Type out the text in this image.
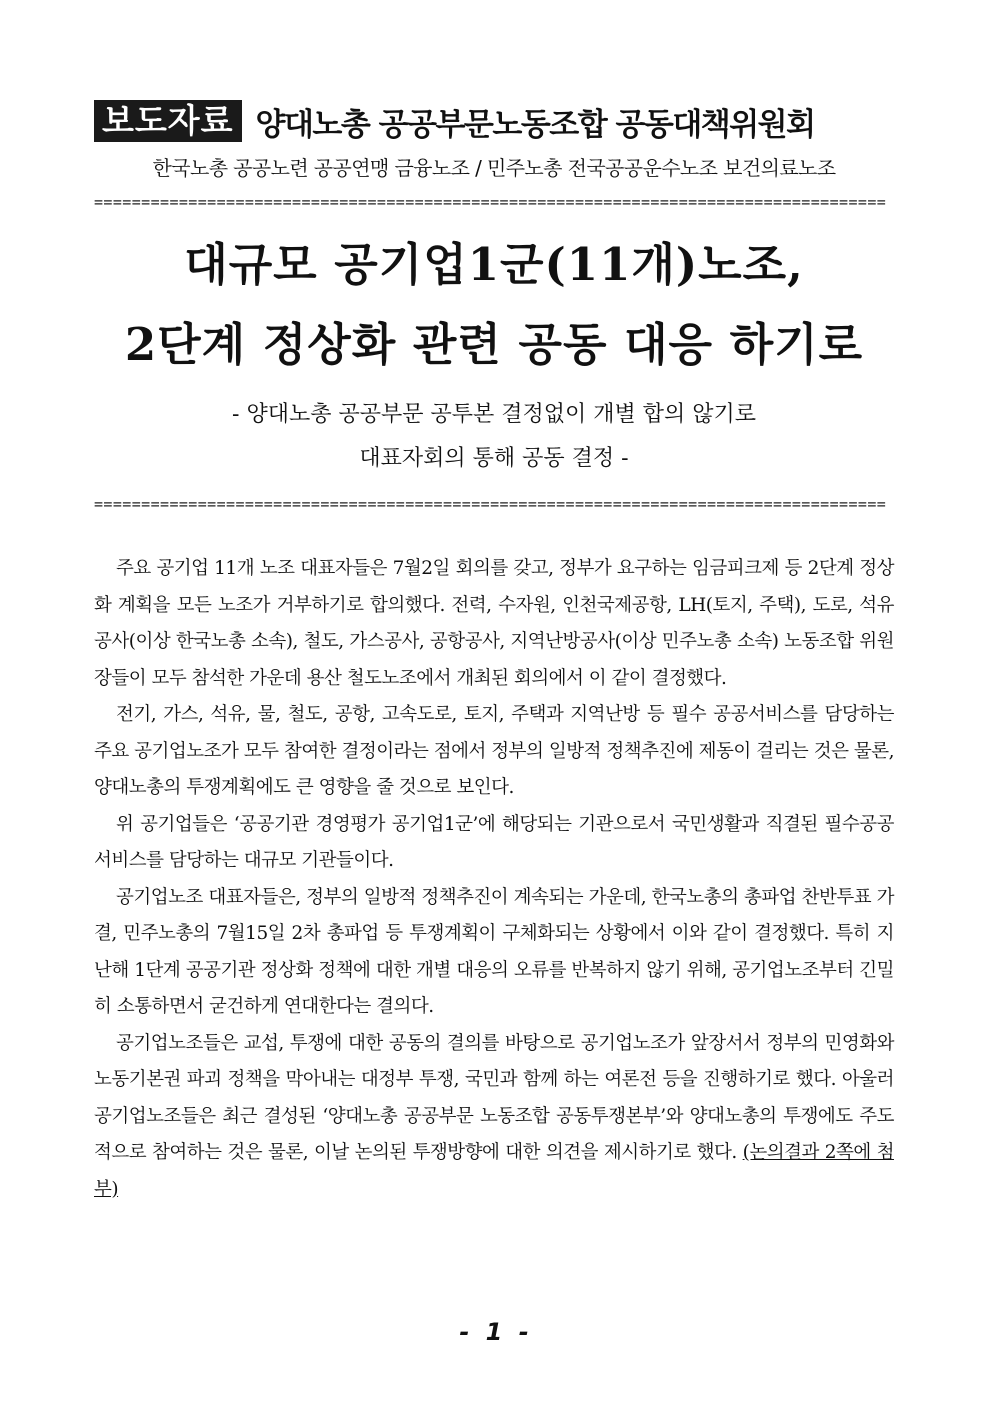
보도자료 양대노총 공공부문노동조합 공동대책위원회
한국노총 공공노련 공공연맹 금융노조 / 민주노총 전국공공운수노조 보건의료노조
====================================================================================
대규모 공기업1군(11개)노조,
2단계 정상화 관련 공동 대응 하기로
- 양대노총 공공부문 공투본 결정없이 개별 합의 않기로
대표자회의 통해 공동 결정 -
====================================================================================

주요 공기업 11개 노조 대표자들은 7월2일 회의를 갖고, 정부가 요구하는 임금피크제 등 2단계 정상화 계획을 모든 노조가 거부하기로 합의했다. 전력, 수자원, 인천국제공항, LH(토지, 주택), 도로, 석유공사(이상 한국노총 소속), 철도, 가스공사, 공항공사, 지역난방공사(이상 민주노총 소속) 노동조합 위원장들이 모두 참석한 가운데 용산 철도노조에서 개최된 회의에서 이 같이 결정했다.

전기, 가스, 석유, 물, 철도, 공항, 고속도로, 토지, 주택과 지역난방 등 필수 공공서비스를 담당하는 주요 공기업노조가 모두 참여한 결정이라는 점에서 정부의 일방적 정책추진에 제동이 걸리는 것은 물론, 양대노총의 투쟁계획에도 큰 영향을 줄 것으로 보인다.

위 공기업들은 ‘공공기관 경영평가 공기업1군’에 해당되는 기관으로서 국민생활과 직결된 필수공공서비스를 담당하는 대규모 기관들이다.

공기업노조 대표자들은, 정부의 일방적 정책추진이 계속되는 가운데, 한국노총의 총파업 찬반투표 가결, 민주노총의 7월15일 2차 총파업 등 투쟁계획이 구체화되는 상황에서 이와 같이 결정했다. 특히 지난해 1단계 공공기관 정상화 정책에 대한 개별 대응의 오류를 반복하지 않기 위해, 공기업노조부터 긴밀히 소통하면서 굳건하게 연대한다는 결의다.

공기업노조들은 교섭, 투쟁에 대한 공동의 결의를 바탕으로 공기업노조가 앞장서서 정부의 민영화와 노동기본권 파괴 정책을 막아내는 대정부 투쟁, 국민과 함께 하는 여론전 등을 진행하기로 했다. 아울러 공기업노조들은 최근 결성된 ‘양대노총 공공부문 노동조합 공동투쟁본부’와 양대노총의 투쟁에도 주도적으로 참여하는 것은 물론, 이날 논의된 투쟁방향에 대한 의견을 제시하기로 했다. (논의결과 2쪽에 첨부)

- 1 -
